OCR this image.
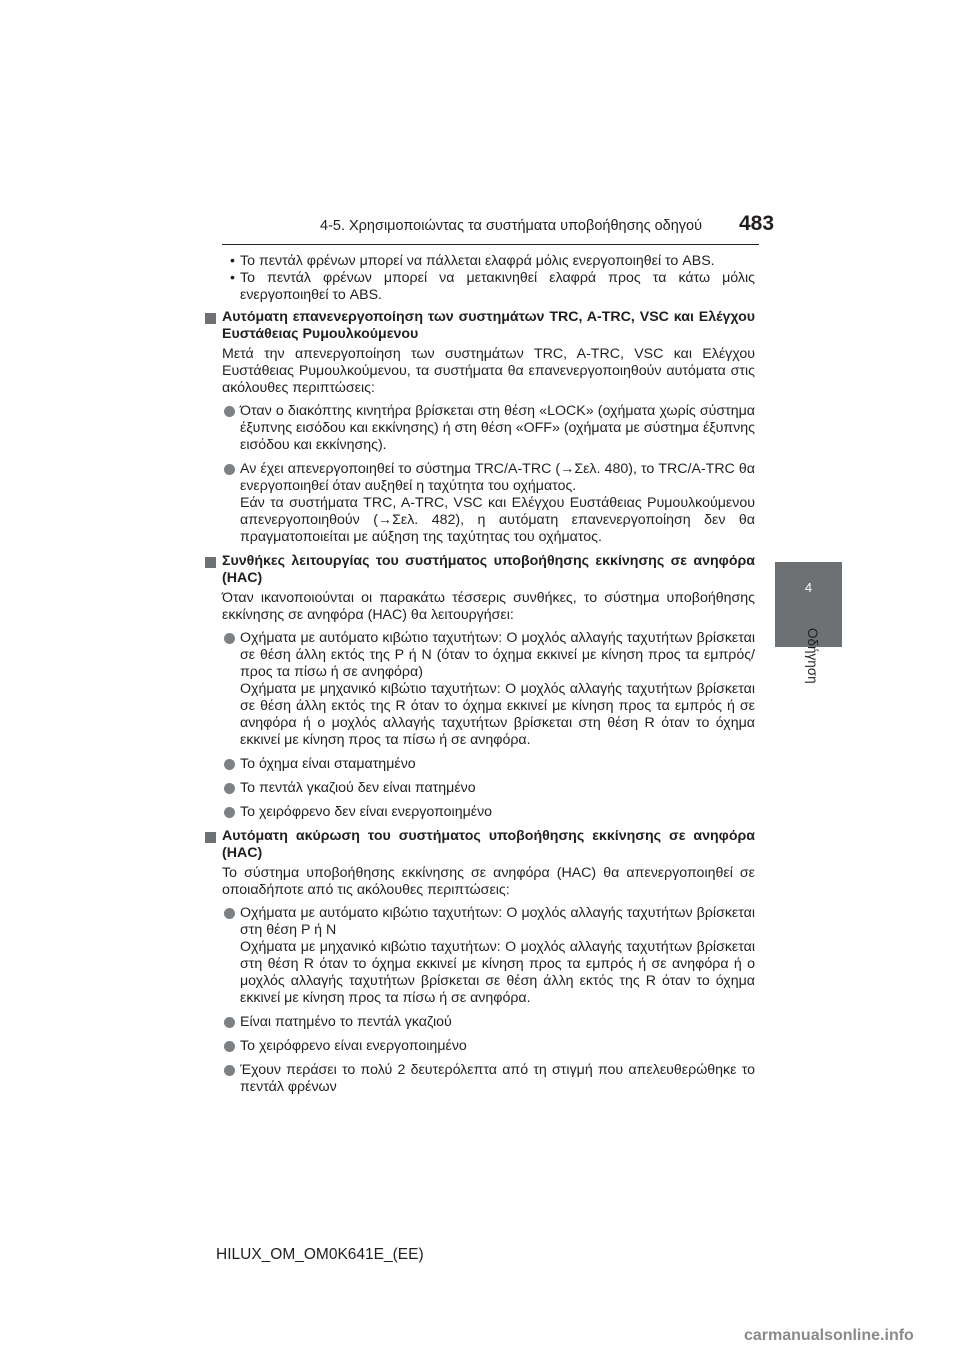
4-5. Χρησιμοποιώντας τα συστήματα υποβοήθησης οδηγού 483
4
Οδήγηση
• Το πεντάλ φρένων μπορεί να πάλλεται ελαφρά μόλις ενεργοποιηθεί το ABS.
• Το πεντάλ φρένων μπορεί να μετακινηθεί ελαφρά προς τα κάτω μόλις ενεργοποιηθεί το ABS.
Αυτόματη επανενεργοποίηση των συστημάτων TRC, A-TRC, VSC και Ελέγχου Ευστάθειας Ρυμουλκούμενου
Μετά την απενεργοποίηση των συστημάτων TRC, A-TRC, VSC και Ελέγχου Ευστάθειας Ρυμουλκούμενου, τα συστήματα θα επανενεργοποιηθούν αυτόματα στις ακόλουθες περιπτώσεις:
Όταν ο διακόπτης κινητήρα βρίσκεται στη θέση «LOCK» (οχήματα χωρίς σύστημα έξυπνης εισόδου και εκκίνησης) ή στη θέση «OFF» (οχήματα με σύστημα έξυπνης εισόδου και εκκίνησης).
Αν έχει απενεργοποιηθεί το σύστημα TRC/A-TRC (→Σελ. 480), το TRC/A-TRC θα ενεργοποιηθεί όταν αυξηθεί η ταχύτητα του οχήματος.
Εάν τα συστήματα TRC, A-TRC, VSC και Ελέγχου Ευστάθειας Ρυμουλκούμενου απενεργοποιηθούν (→Σελ. 482), η αυτόματη επανενεργοποίηση δεν θα πραγματοποιείται με αύξηση της ταχύτητας του οχήματος.
Συνθήκες λειτουργίας του συστήματος υποβοήθησης εκκίνησης σε ανηφόρα (HAC)
Όταν ικανοποιούνται οι παρακάτω τέσσερις συνθήκες, το σύστημα υποβοήθησης εκκίνησης σε ανηφόρα (HAC) θα λειτουργήσει:
Οχήματα με αυτόματο κιβώτιο ταχυτήτων: Ο μοχλός αλλαγής ταχυτήτων βρίσκεται σε θέση άλλη εκτός της P ή N (όταν το όχημα εκκινεί με κίνηση προς τα εμπρός/προς τα πίσω ή σε ανηφόρα)
Οχήματα με μηχανικό κιβώτιο ταχυτήτων: Ο μοχλός αλλαγής ταχυτήτων βρίσκεται σε θέση άλλη εκτός της R όταν το όχημα εκκινεί με κίνηση προς τα εμπρός ή σε ανηφόρα ή ο μοχλός αλλαγής ταχυτήτων βρίσκεται στη θέση R όταν το όχημα εκκινεί με κίνηση προς τα πίσω ή σε ανηφόρα.
Το όχημα είναι σταματημένο
Το πεντάλ γκαζιού δεν είναι πατημένο
Το χειρόφρενο δεν είναι ενεργοποιημένο
Αυτόματη ακύρωση του συστήματος υποβοήθησης εκκίνησης σε ανηφόρα (HAC)
Το σύστημα υποβοήθησης εκκίνησης σε ανηφόρα (HAC) θα απενεργοποιηθεί σε οποιαδήποτε από τις ακόλουθες περιπτώσεις:
Οχήματα με αυτόματο κιβώτιο ταχυτήτων: Ο μοχλός αλλαγής ταχυτήτων βρίσκεται στη θέση P ή N
Οχήματα με μηχανικό κιβώτιο ταχυτήτων: Ο μοχλός αλλαγής ταχυτήτων βρίσκεται στη θέση R όταν το όχημα εκκινεί με κίνηση προς τα εμπρός ή σε ανηφόρα ή ο μοχλός αλλαγής ταχυτήτων βρίσκεται σε θέση άλλη εκτός της R όταν το όχημα εκκινεί με κίνηση προς τα πίσω ή σε ανηφόρα.
Είναι πατημένο το πεντάλ γκαζιού
Το χειρόφρενο είναι ενεργοποιημένο
Έχουν περάσει το πολύ 2 δευτερόλεπτα από τη στιγμή που απελευθερώθηκε το πεντάλ φρένων
HILUX_OM_OM0K641E_(EE)
carmanualsonline.info
